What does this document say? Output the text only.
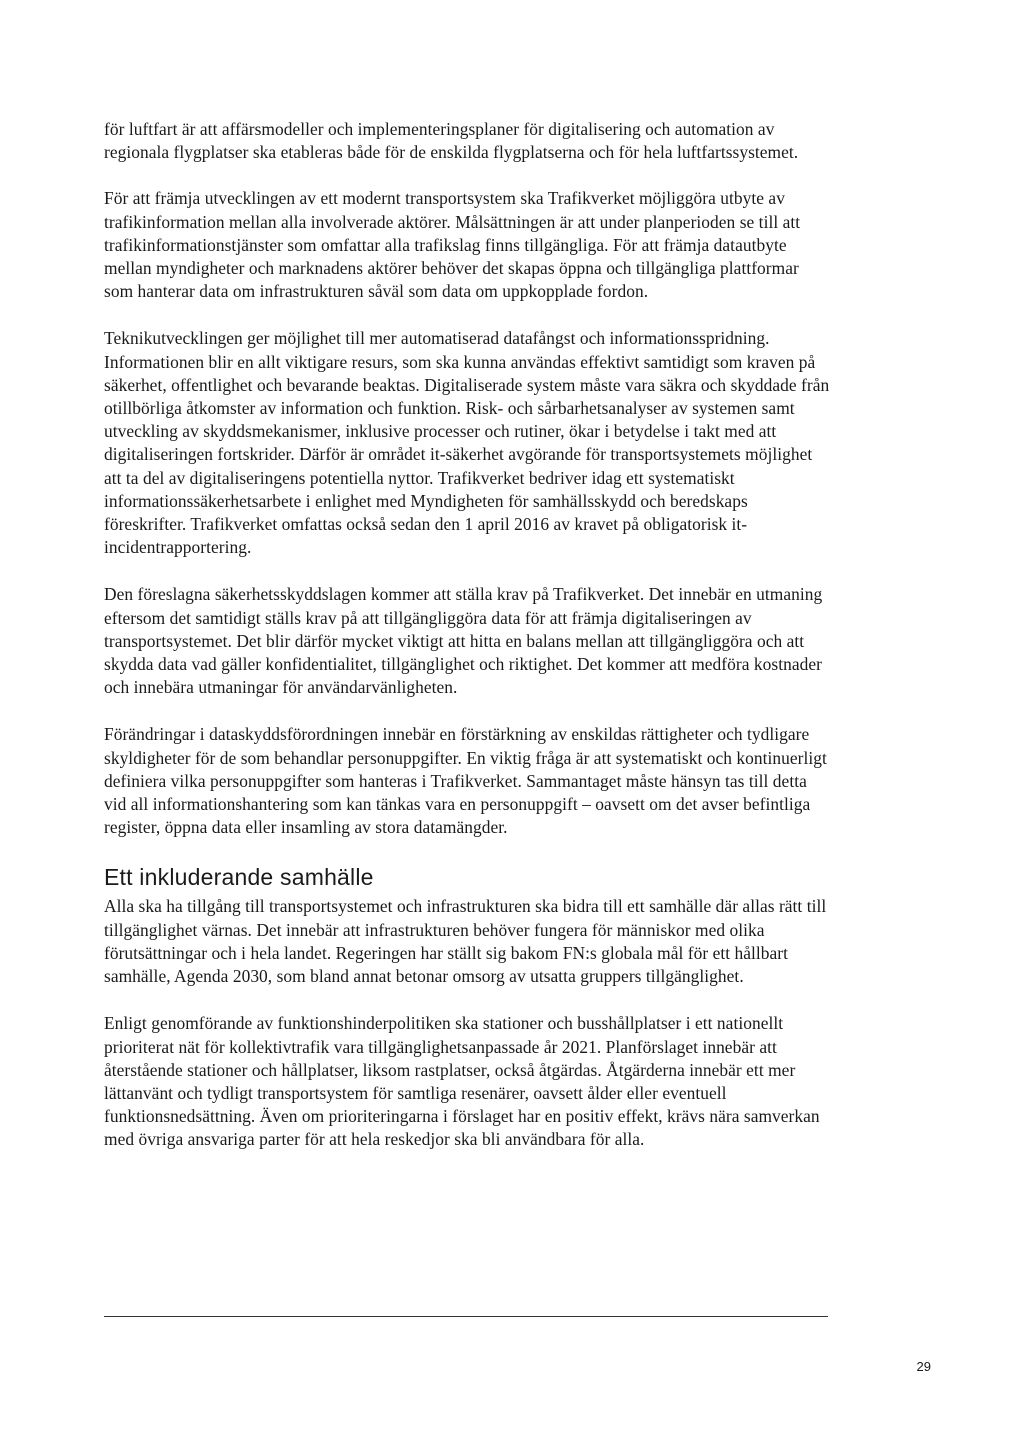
för luftfart är att affärsmodeller och implementeringsplaner för digitalisering och automation av regionala flygplatser ska etableras både för de enskilda flygplatserna och för hela luftfartssystemet.

För att främja utvecklingen av ett modernt transportsystem ska Trafikverket möjliggöra utbyte av trafikinformation mellan alla involverade aktörer. Målsättningen är att under planperioden se till att trafikinformationstjänster som omfattar alla trafikslag finns tillgängliga. För att främja datautbyte mellan myndigheter och marknadens aktörer behöver det skapas öppna och tillgängliga plattformar som hanterar data om infrastrukturen såväl som data om uppkopplade fordon.

Teknikutvecklingen ger möjlighet till mer automatiserad datafångst och informationsspridning. Informationen blir en allt viktigare resurs, som ska kunna användas effektivt samtidigt som kraven på säkerhet, offentlighet och bevarande beaktas. Digitaliserade system måste vara säkra och skyddade från otillbörliga åtkomster av information och funktion. Risk- och sårbarhetsanalyser av systemen samt utveckling av skyddsmekanismer, inklusive processer och rutiner, ökar i betydelse i takt med att digitaliseringen fortskrider. Därför är området it-säkerhet avgörande för transportsystemets möjlighet att ta del av digitaliseringens potentiella nyttor. Trafikverket bedriver idag ett systematiskt informationssäkerhetsarbete i enlighet med Myndigheten för samhällsskydd och beredskaps föreskrifter. Trafikverket omfattas också sedan den 1 april 2016 av kravet på obligatorisk it-incidentrapportering.

Den föreslagna säkerhetsskyddslagen kommer att ställa krav på Trafikverket. Det innebär en utmaning eftersom det samtidigt ställs krav på att tillgängliggöra data för att främja digitaliseringen av transportsystemet. Det blir därför mycket viktigt att hitta en balans mellan att tillgängliggöra och att skydda data vad gäller konfidentialitet, tillgänglighet och riktighet. Det kommer att medföra kostnader och innebära utmaningar för användarvänligheten.

Förändringar i dataskyddsförordningen innebär en förstärkning av enskildas rättigheter och tydligare skyldigheter för de som behandlar personuppgifter. En viktig fråga är att systematiskt och kontinuerligt definiera vilka personuppgifter som hanteras i Trafikverket. Sammantaget måste hänsyn tas till detta vid all informationshantering som kan tänkas vara en personuppgift – oavsett om det avser befintliga register, öppna data eller insamling av stora datamängder.

Ett inkluderande samhälle

Alla ska ha tillgång till transportsystemet och infrastrukturen ska bidra till ett samhälle där allas rätt till tillgänglighet värnas. Det innebär att infrastrukturen behöver fungera för människor med olika förutsättningar och i hela landet. Regeringen har ställt sig bakom FN:s globala mål för ett hållbart samhälle, Agenda 2030, som bland annat betonar omsorg av utsatta gruppers tillgänglighet.

Enligt genomförande av funktionshinderpolitiken ska stationer och busshållplatser i ett nationellt prioriterat nät för kollektivtrafik vara tillgänglighetsanpassade år 2021. Planförslaget innebär att återstående stationer och hållplatser, liksom rastplatser, också åtgärdas. Åtgärderna innebär ett mer lättanvänt och tydligt transportsystem för samtliga resenärer, oavsett ålder eller eventuell funktionsnedsättning. Även om prioriteringarna i förslaget har en positiv effekt, krävs nära samverkan med övriga ansvariga parter för att hela reskedjor ska bli användbara för alla.

29
